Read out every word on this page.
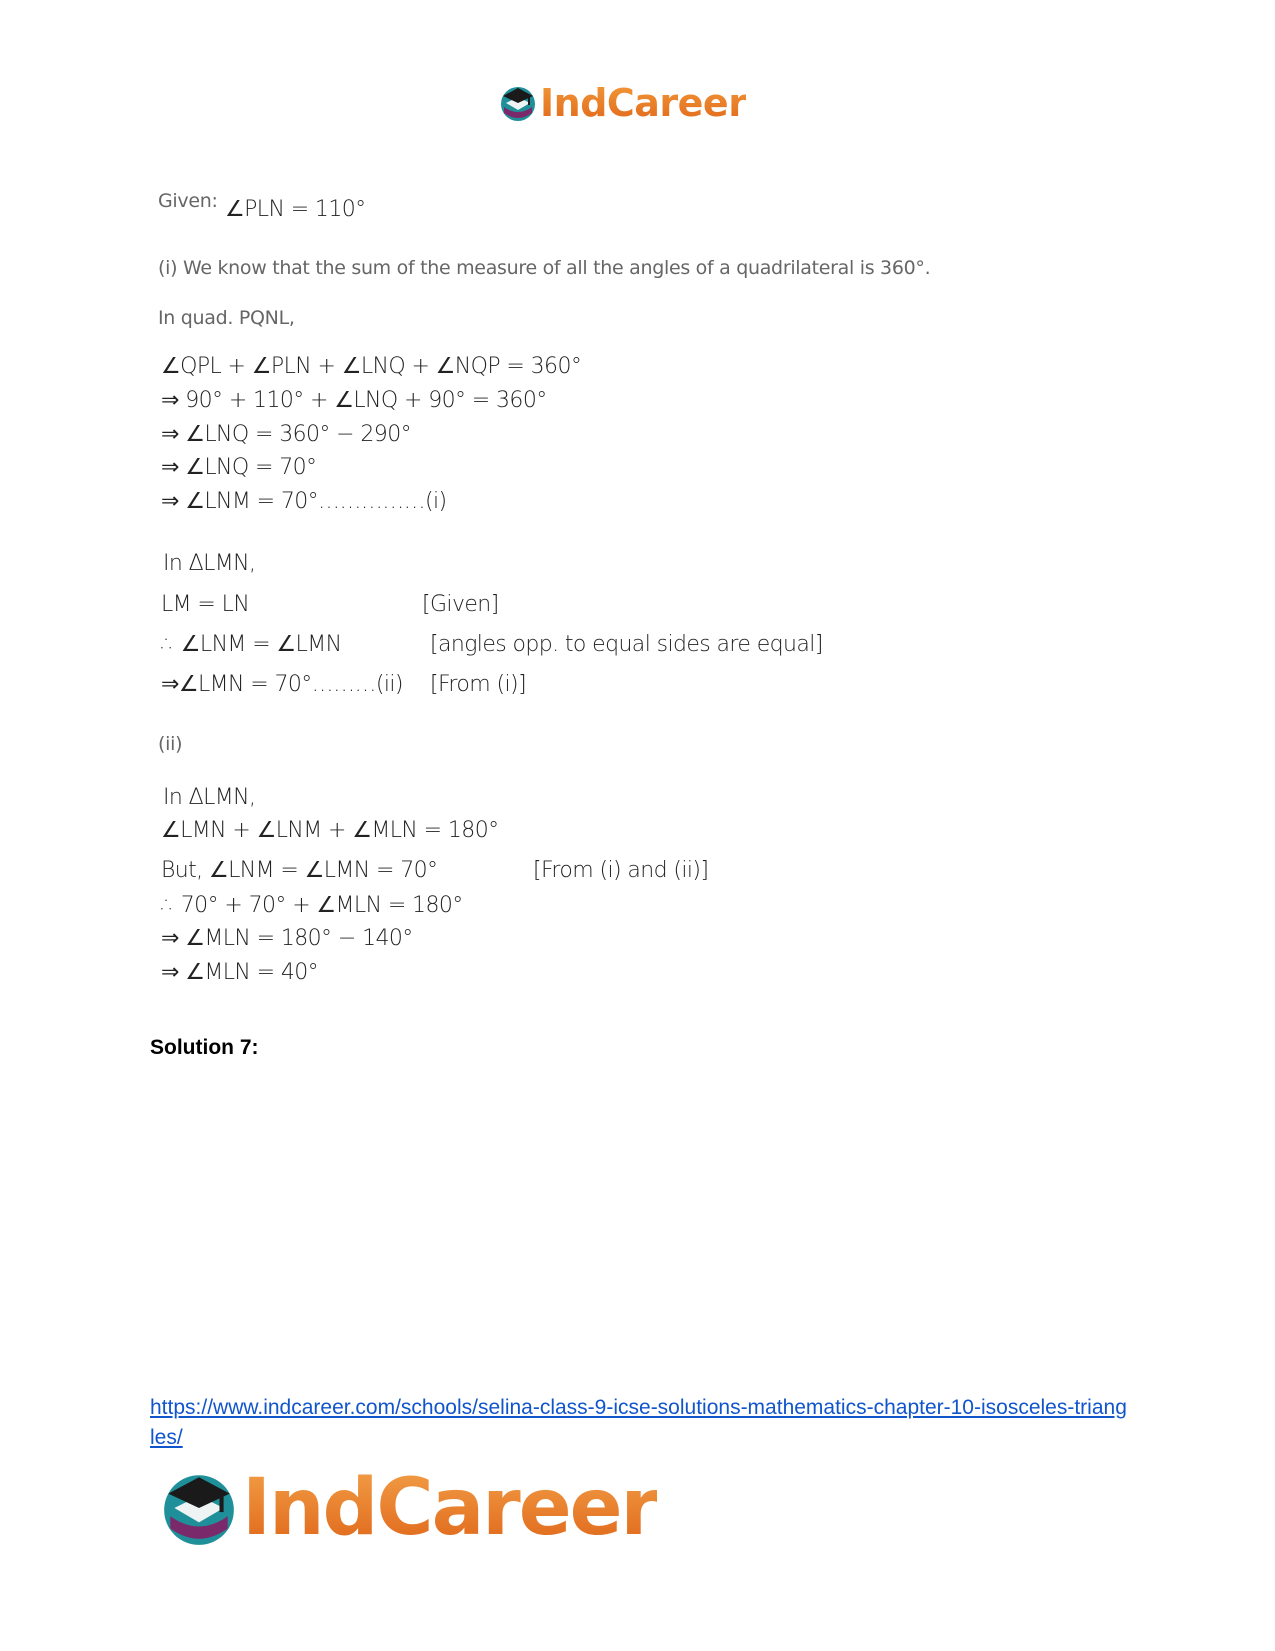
IndCareer
Given: ∠PLN = 110°
(i) We know that the sum of the measure of all the angles of a quadrilateral is 360°.
In quad. PQNL,
∠QPL + ∠PLN + ∠LNQ + ∠NQP = 360°
⇒ 90° + 110° + ∠LNQ + 90° = 360°
⇒ ∠LNQ = 360° − 290°
⇒ ∠LNQ = 70°
⇒ ∠LNM = 70°……………(i)
In ΔLMN,
LM = LN	[Given]
∴ ∠LNM = ∠LMN	[angles opp. to equal sides are equal]
⇒∠LMN = 70°………(ii) [From (i)]
(ii)
In ΔLMN,
∠LMN + ∠LNM + ∠MLN = 180°
But, ∠LNM = ∠LMN = 70°	[From (i) and (ii)]
∴ 70° + 70° + ∠MLN = 180°
⇒ ∠MLN = 180° − 140°
⇒ ∠MLN = 40°
Solution 7:
https://www.indcareer.com/schools/selina-class-9-icse-solutions-mathematics-chapter-10-isosceles-triangles/
IndCareer
